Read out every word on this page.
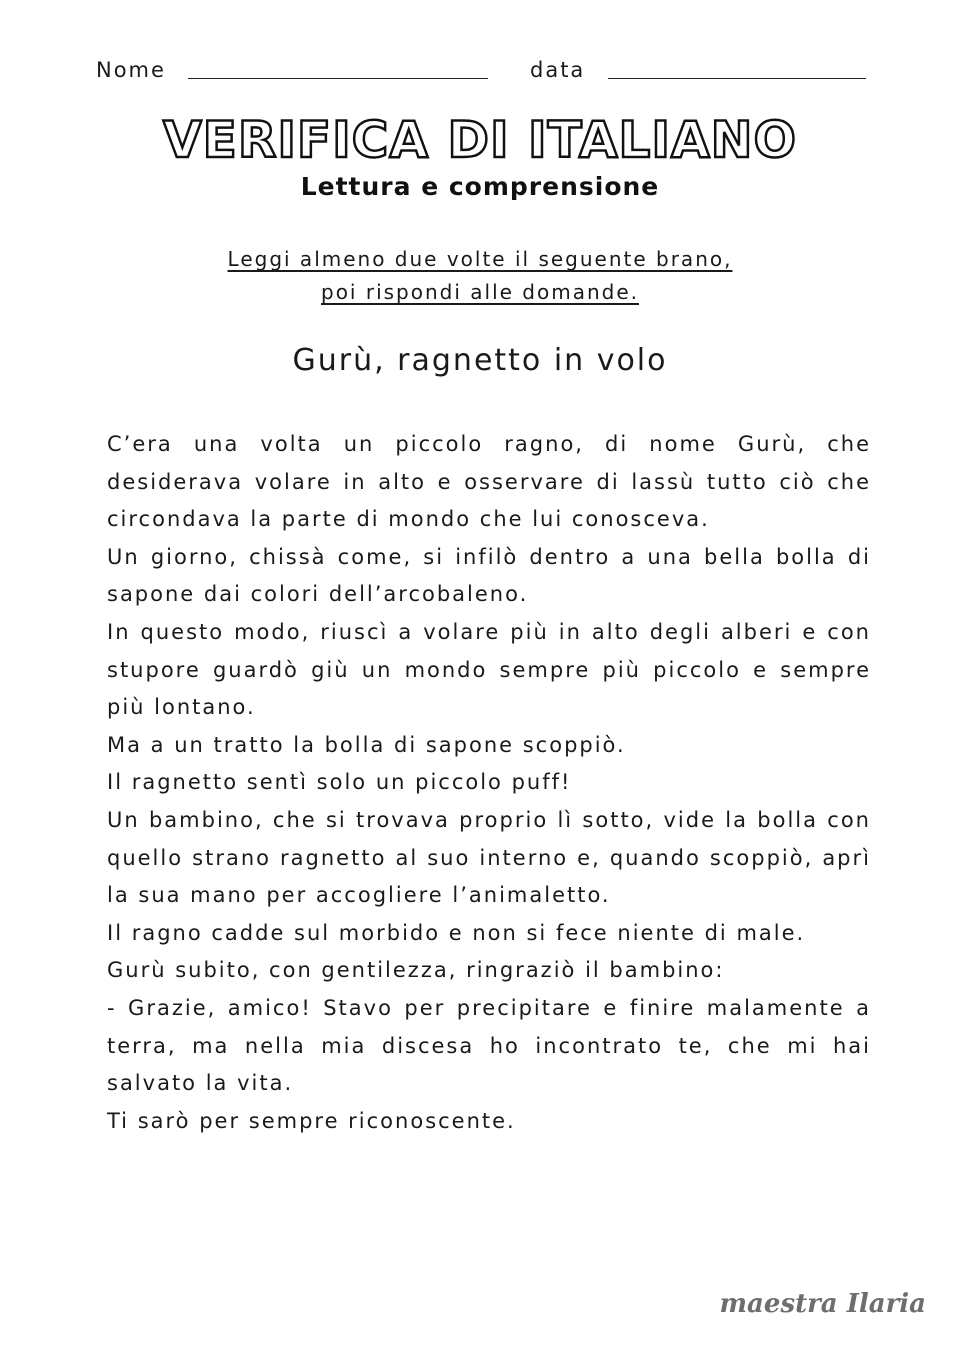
Nome	data
VERIFICA DI ITALIANO
Lettura e comprensione
Leggi almeno due volte il seguente brano,
poi rispondi alle domande.
Gurù, ragnetto in volo

C’era una volta un piccolo ragno, di nome Gurù, che desiderava volare in alto e osservare di lassù tutto ciò che circondava la parte di mondo che lui conosceva.

Un giorno, chissà come, si infilò dentro a una bella bolla di sapone dai colori dell’arcobaleno.

In questo modo, riuscì a volare più in alto degli alberi e con stupore guardò giù un mondo sempre più piccolo e sempre più lontano.

Ma a un tratto la bolla di sapone scoppiò.

Il ragnetto sentì solo un piccolo puff!

Un bambino, che si trovava proprio lì sotto, vide la bolla con quello strano ragnetto al suo interno e, quando scoppiò, aprì la sua mano per accogliere l’animaletto.

Il ragno cadde sul morbido e non si fece niente di male.

Gurù subito, con gentilezza, ringraziò il bambino:

- Grazie, amico! Stavo per precipitare e finire malamente a terra, ma nella mia discesa ho incontrato te, che mi hai salvato la vita.

Ti sarò per sempre riconoscente.

maestra Ilaria
